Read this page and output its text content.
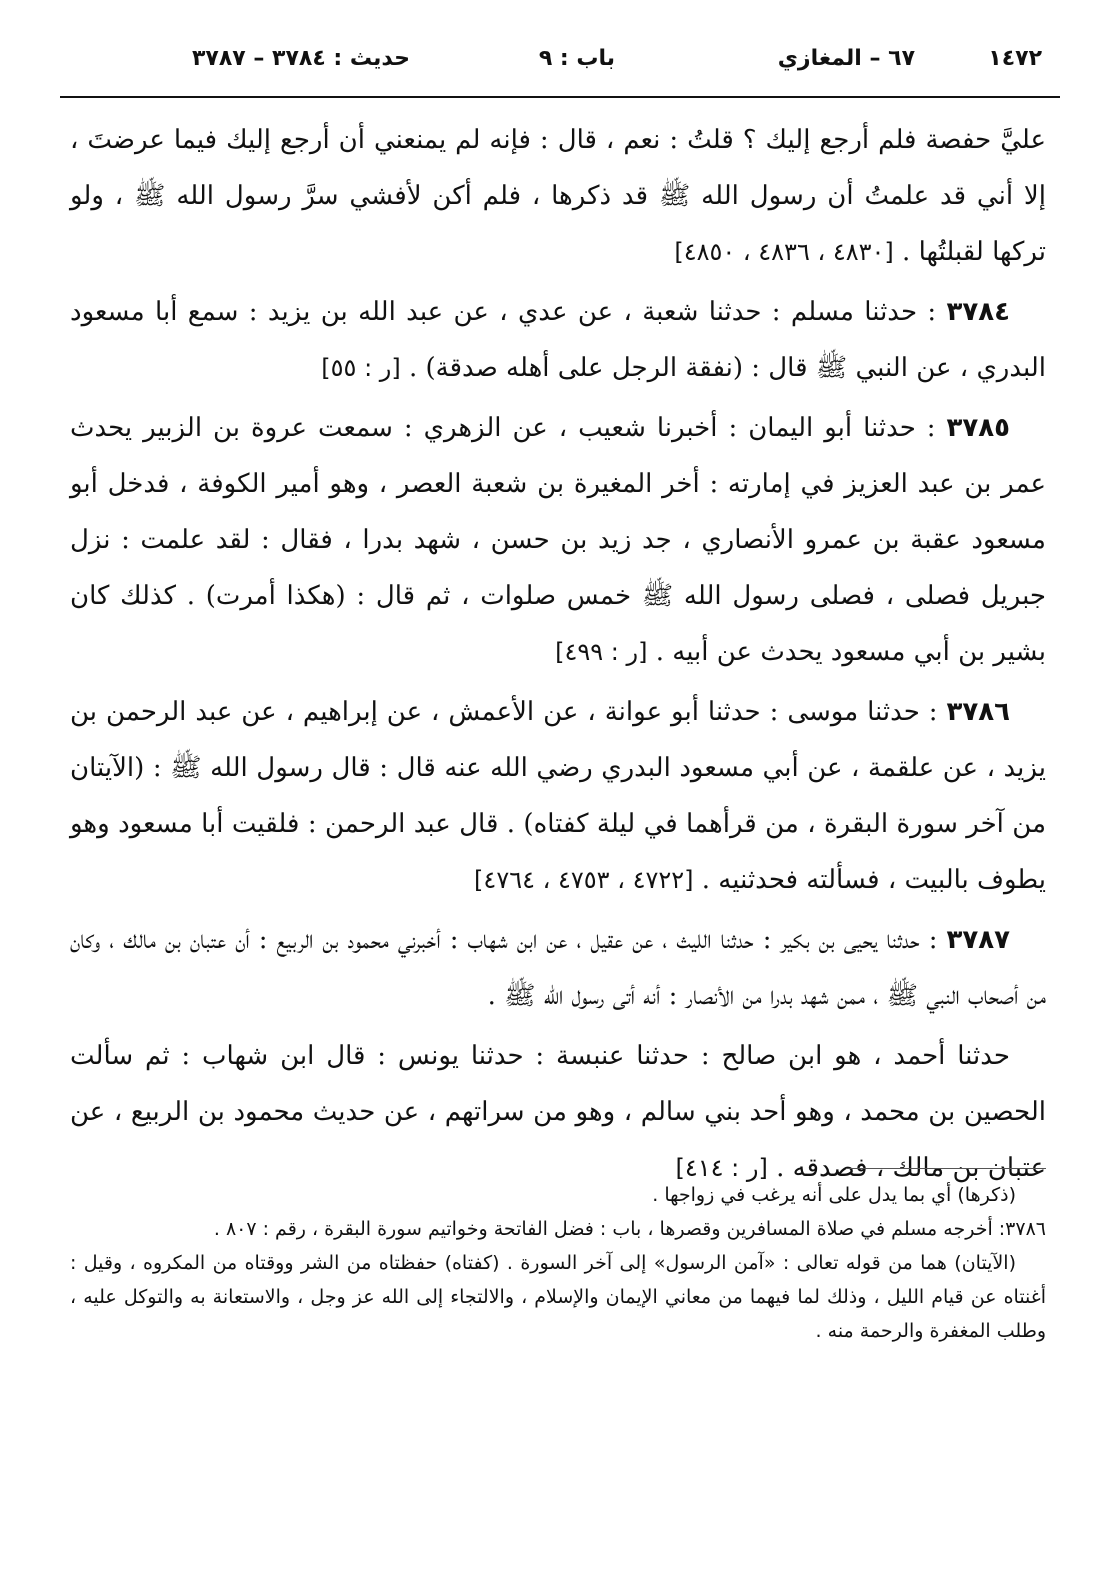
١٤٧٢
٦٧ – المغازي
باب : ٩
حديث : ٣٧٨٤ – ٣٧٨٧

عليَّ حفصة فلم أرجع إليك ؟ قلتُ : نعم ، قال : فإنه لم يمنعني أن أرجع إليك فيما عرضتَ ، إلا أني قد علمتُ أن رسول الله ﷺ قد ذكرها ، فلم أكن لأفشي سرَّ رسول الله ﷺ ، ولو تركها لقبلتُها . [٤٨٣٠ ، ٤٨٣٦ ، ٤٨٥٠]

٣٧٨٤ : حدثنا مسلم : حدثنا شعبة ، عن عدي ، عن عبد الله بن يزيد : سمع أبا مسعود البدري ، عن النبي ﷺ قال : (نفقة الرجل على أهله صدقة) . [ر : ٥٥]

٣٧٨٥ : حدثنا أبو اليمان : أخبرنا شعيب ، عن الزهري : سمعت عروة بن الزبير يحدث عمر بن عبد العزيز في إمارته : أخر المغيرة بن شعبة العصر ، وهو أمير الكوفة ، فدخل أبو مسعود عقبة بن عمرو الأنصاري ، جد زيد بن حسن ، شهد بدرا ، فقال : لقد علمت : نزل جبريل فصلى ، فصلى رسول الله ﷺ خمس صلوات ، ثم قال : (هكذا أمرت) . كذلك كان بشير بن أبي مسعود يحدث عن أبيه . [ر : ٤٩٩]

٣٧٨٦ : حدثنا موسى : حدثنا أبو عوانة ، عن الأعمش ، عن إبراهيم ، عن عبد الرحمن بن يزيد ، عن علقمة ، عن أبي مسعود البدري رضي الله عنه قال : قال رسول الله ﷺ : (الآيتان من آخر سورة البقرة ، من قرأهما في ليلة كفتاه) . قال عبد الرحمن : فلقيت أبا مسعود وهو يطوف بالبيت ، فسألته فحدثنيه . [٤٧٢٢ ، ٤٧٥٣ ، ٤٧٦٤]

٣٧٨٧ : حدثنا يحيى بن بكير : حدثنا الليث ، عن عقيل ، عن ابن شهاب : أخبرني محمود بن الربيع : أن عتبان بن مالك ، وكان من أصحاب النبي ﷺ ، ممن شهد بدرا من الأنصار : أنه أتى رسول الله ﷺ .

حدثنا أحمد ، هو ابن صالح : حدثنا عنبسة : حدثنا يونس : قال ابن شهاب : ثم سألت الحصين بن محمد ، وهو أحد بني سالم ، وهو من سراتهم ، عن حديث محمود بن الربيع ، عن عتبان بن مالك ، فصدقه . [ر : ٤١٤]

(ذكرها) أي بما يدل على أنه يرغب في زواجها .

٣٧٨٦: أخرجه مسلم في صلاة المسافرين وقصرها ، باب : فضل الفاتحة وخواتيم سورة البقرة ، رقم : ٨٠٧ .

(الآيتان) هما من قوله تعالى : «آمن الرسول» إلى آخر السورة . (كفتاه) حفظتاه من الشر ووقتاه من المكروه ، وقيل : أغنتاه عن قيام الليل ، وذلك لما فيهما من معاني الإيمان والإسلام ، والالتجاء إلى الله عز وجل ، والاستعانة به والتوكل عليه ، وطلب المغفرة والرحمة منه .
